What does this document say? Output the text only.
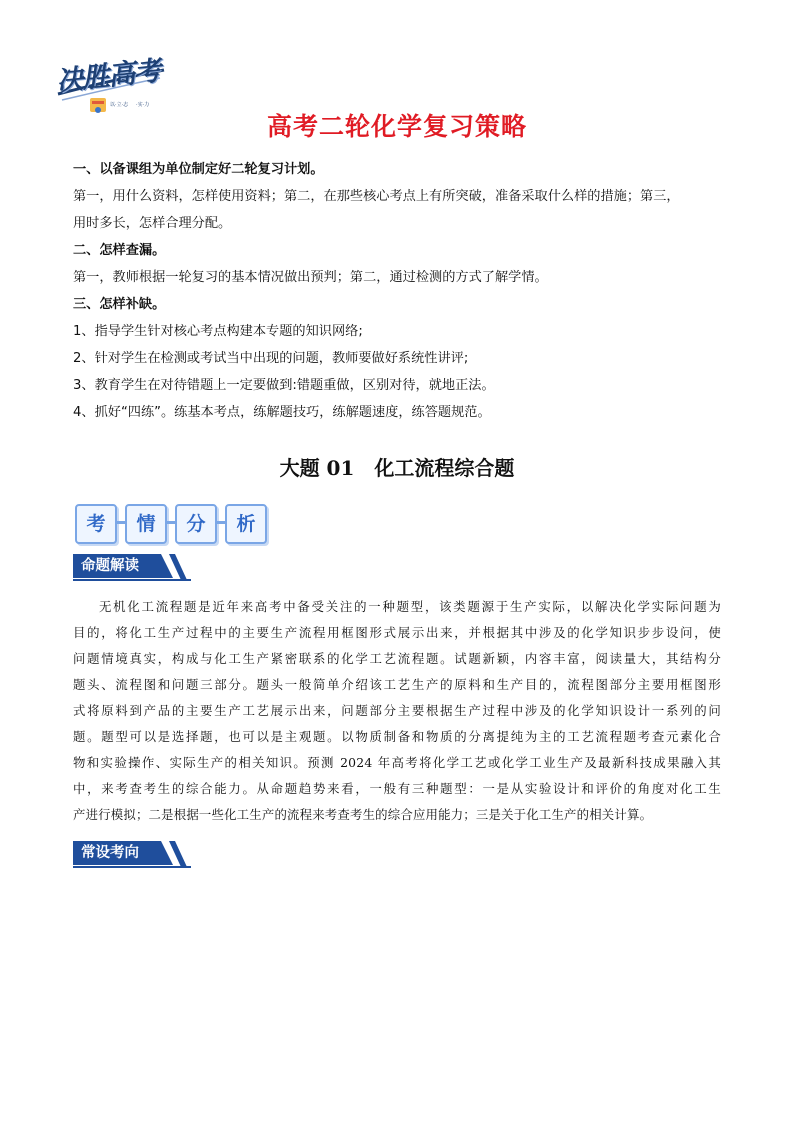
以·立·志 ·实·力
决胜高考
高考二轮化学复习策略
一、以备课组为单位制定好二轮复习计划。
第一，用什么资料，怎样使用资料；第二，在那些核心考点上有所突破，准备采取什么样的措施；第三，
用时多长，怎样合理分配。
二、怎样查漏。
第一，教师根据一轮复习的基本情况做出预判；第二，通过检测的方式了解学情。
三、怎样补缺。
1、指导学生针对核心考点构建本专题的知识网络;
2、针对学生在检测或考试当中出现的问题，教师要做好系统性讲评;
3、教育学生在对待错题上一定要做到:错题重做，区别对待，就地正法。
4、抓好“四练”。练基本考点，练解题技巧，练解题速度，练答题规范。
大题 01　化工流程综合题
考	情	分	析
命题解读
无机化工流程题是近年来高考中备受关注的一种题型，该类题源于生产实际，以解决化学实际问题为
目的，将化工生产过程中的主要生产流程用框图形式展示出来，并根据其中涉及的化学知识步步设问，使
问题情境真实，构成与化工生产紧密联系的化学工艺流程题。试题新颖，内容丰富，阅读量大，其结构分
题头、流程图和问题三部分。题头一般简单介绍该工艺生产的原料和生产目的，流程图部分主要用框图形
式将原料到产品的主要生产工艺展示出来，问题部分主要根据生产过程中涉及的化学知识设计一系列的问
题。题型可以是选择题，也可以是主观题。以物质制备和物质的分离提纯为主的工艺流程题考查元素化合
物和实验操作、实际生产的相关知识。预测 2024 年高考将化学工艺或化学工业生产及最新科技成果融入其
中，来考查考生的综合能力。从命题趋势来看，一般有三种题型：一是从实验设计和评价的角度对化工生
产进行模拟；二是根据一些化工生产的流程来考查考生的综合应用能力；三是关于化工生产的相关计算。
常设考向
